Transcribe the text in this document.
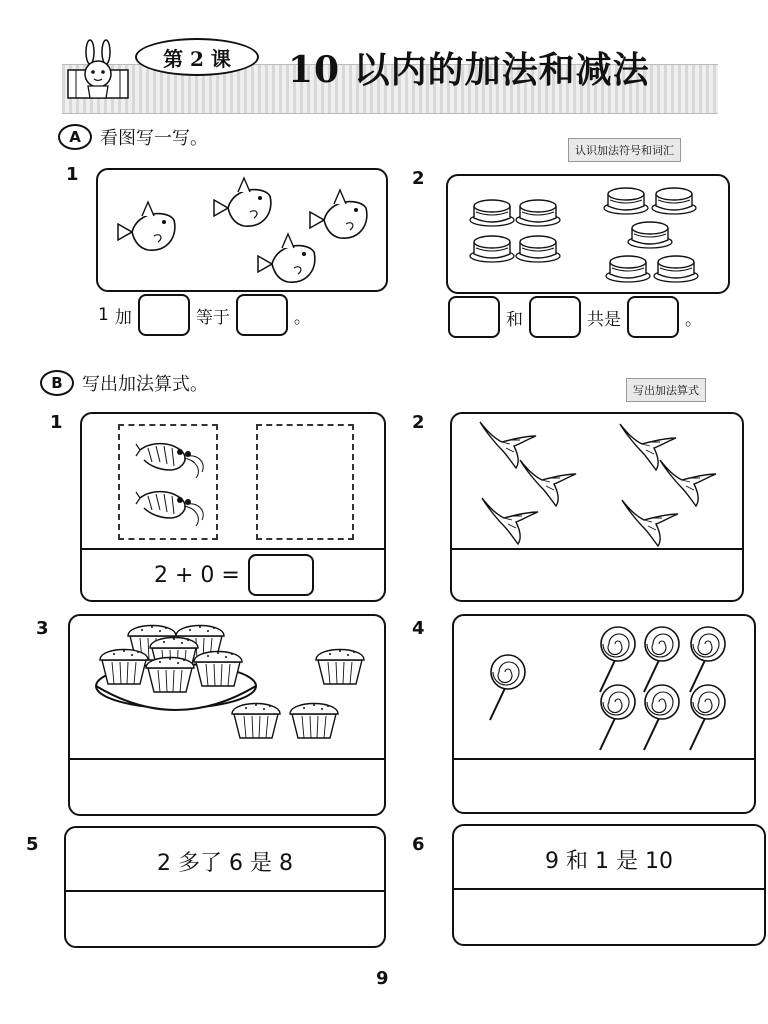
第 2 课	10 以内的加法和减法
A	看图写一写。
认识加法符号和词汇
1
1 加	等于	。
2
和	共是	。
B	写出加法算式。	写出加法算式
1
2 + 0 =
2
3	4
5
2 多了 6 是 8
6
9 和 1 是 10
9
